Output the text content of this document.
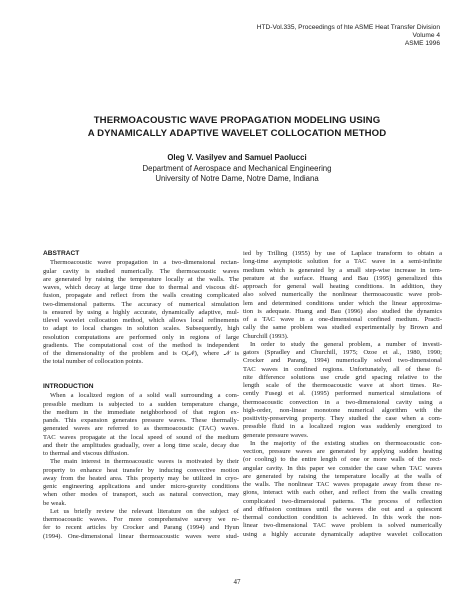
HTD-Vol.335, Proceedings of hte ASME Heat Transfer Division
Volume 4
ASME 1996
THERMOACOUSTIC WAVE PROPAGATION MODELING USING
A DYNAMICALLY ADAPTIVE WAVELET COLLOCATION METHOD
Oleg V. Vasilyev and Samuel Paolucci
Department of Aerospace and Mechanical Engineering
University of Notre Dame, Notre Dame, Indiana
ABSTRACT
Thermoacoustic wave propagation in a two-dimensional rectan-
gular cavity is studied numerically. The thermoacoustic waves
are generated by raising the temperature locally at the walls. The
waves, which decay at large time due to thermal and viscous dif-
fusion, propagate and reflect from the walls creating complicated
two-dimensional patterns. The accuracy of numerical simulation
is ensured by using a highly accurate, dynamically adaptive, mul-
tilevel wavelet collocation method, which allows local refinements
to adapt to local changes in solution scales. Subsequently, high
resolution computations are performed only in regions of large
gradients. The computational cost of the method is independent
of the dimensionality of the problem and is O(𝒩), where 𝒩 is
the total number of collocation points.
INTRODUCTION
When a localized region of a solid wall surrounding a com-
pressible medium is subjected to a sudden temperature change,
the medium in the immediate neighborhood of that region ex-
pands. This expansion generates pressure waves. These thermally-
generated waves are referred to as thermoacoustic (TAC) waves.
TAC waves propagate at the local speed of sound of the medium
and their the amplitudes gradually, over a long time scale, decay due
to thermal and viscous diffusion.
The main interest in thermoacoustic waves is motivated by their
property to enhance heat transfer by inducing convective motion
away from the heated area. This property may be utilized in cryo-
genic engineering applications and under micro-gravity conditions
when other modes of transport, such as natural convection, may
be weak.
Let us briefly review the relevant literature on the subject of
thermoacoustic waves. For more comprehensive survey we re-
fer to recent articles by Crocker and Parang (1994) and Hyun
(1994). One-dimensional linear thermoacoustic waves were stud-
ied by Trilling (1955) by use of Laplace transform to obtain a
long-time asymptotic solution for a TAC wave in a semi-infinite
medium which is generated by a small step-wise increase in tem-
perature at the surface. Huang and Bau (1995) generalized this
approach for general wall heating conditions. In addition, they
also solved numerically the nonlinear thermoacoustic wave prob-
lem and determined conditions under which the linear approxima-
tion is adequate. Huang and Bau (1996) also studied the dynamics
of a TAC wave in a one-dimensional confined medium. Practi-
cally the same problem was studied experimentally by Brown and
Churchill (1993).
In order to study the general problem, a number of investi-
gators (Spradley and Churchill, 1975; Ozoe et al., 1980, 1990;
Crocker and Parang, 1994) numerically solved two-dimensional
TAC waves in confined regions. Unfortunately, all of these fi-
nite difference solutions use crude grid spacing relative to the
length scale of the thermoacoustic wave at short times. Re-
cently Fusegi et al. (1995) performed numerical simulations of
thermoacoustic convection in a two-dimensional cavity using a
high-order, non-linear monotone numerical algorithm with the
positivity-preserving property. They studied the case when a com-
pressible fluid in a localized region was suddenly energized to
generate pressure waves.
In the majority of the existing studies on thermoacoustic con-
vection, pressure waves are generated by applying sudden heating
(or cooling) to the entire length of one or more walls of the rect-
angular cavity. In this paper we consider the case when TAC waves
are generated by raising the temperature locally at the walls of
the walls. The nonlinear TAC waves propagate away from these re-
gions, interact with each other, and reflect from the walls creating
complicated two-dimensional patterns. The process of reflection
and diffusion continues until the waves die out and a quiescent
thermal conduction condition is achieved. In this work the non-
linear two-dimensional TAC wave problem is solved numerically
using a highly accurate dynamically adaptive wavelet collocation
47
